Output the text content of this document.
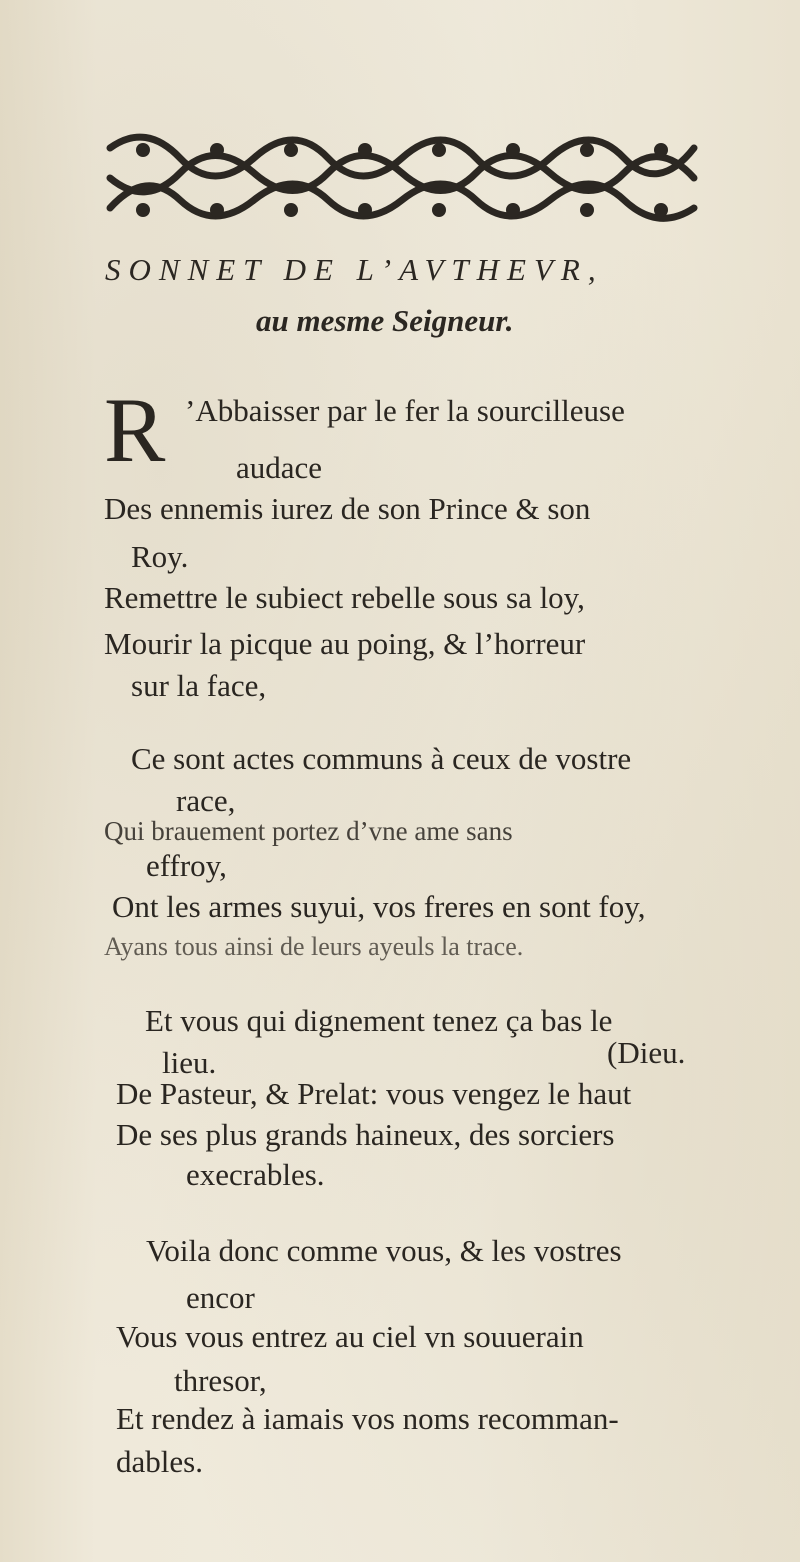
SONNET DE L’AVTHEVR,
au mesme Seigneur.
R ’Abbaisser par le fer la sourcilleuse
audace
Des ennemis iurez de son Prince & son
Roy.
Remettre le subiect rebelle sous sa loy,
Mourir la picque au poing, & l’horreur
sur la face,
Ce sont actes communs à ceux de vostre
race,
Qui brauement portez d’vne ame sans
effroy,
Ont les armes suyui, vos freres en sont foy,
Ayans tous ainsi de leurs ayeuls la trace.
Et vous qui dignement tenez ça bas le
lieu.	(Dieu.
De Pasteur, & Prelat: vous vengez le haut
De ses plus grands haineux, des sorciers
execrables.
Voila donc comme vous, & les vostres
encor
Vous vous entrez au ciel vn souuerain
thresor,
Et rendez à iamais vos noms recomman-
dables.
